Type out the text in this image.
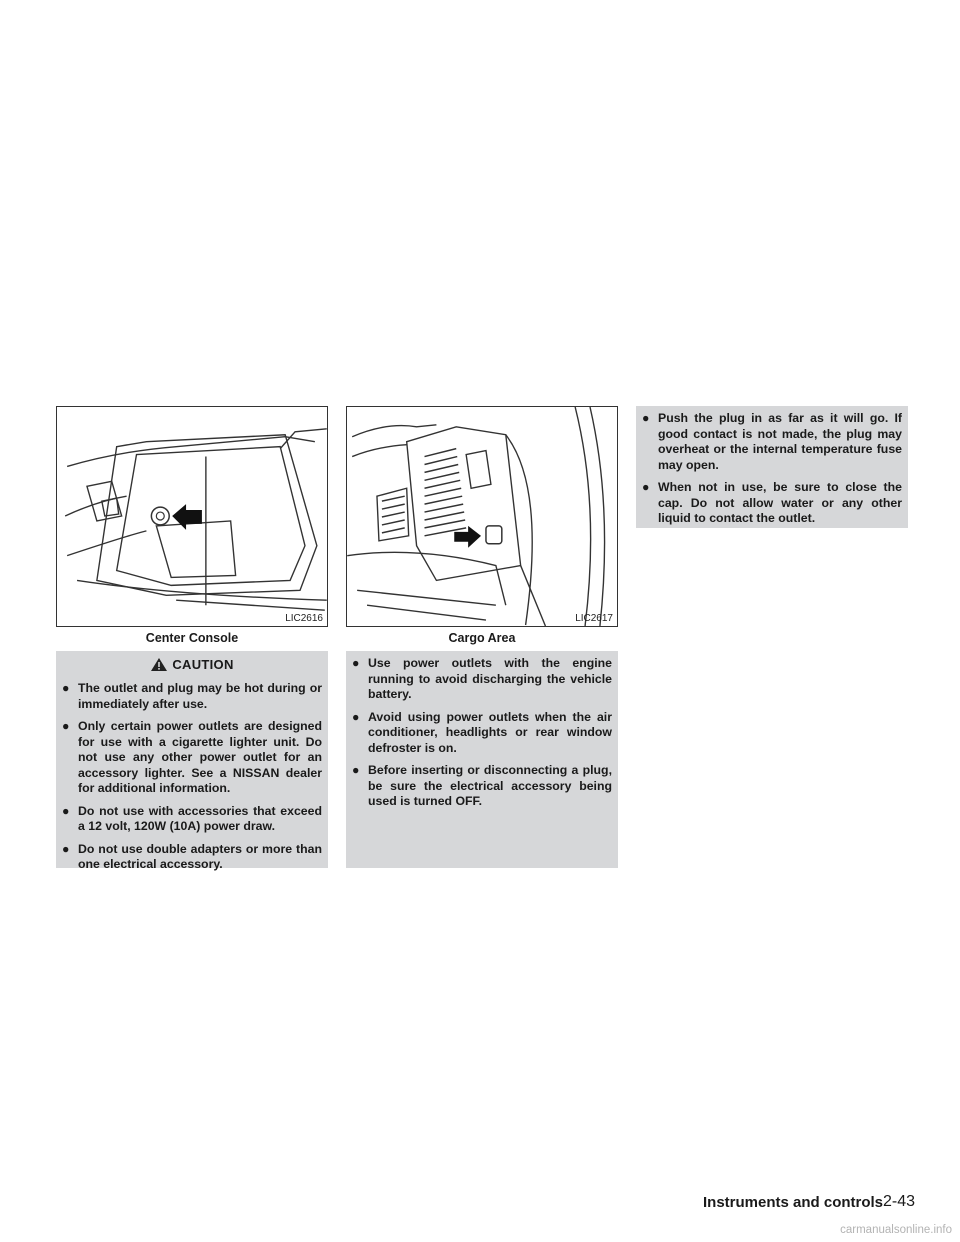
LIC2616
Center Console
LIC2617
Cargo Area
CAUTION
● The outlet and plug may be hot during or immediately after use.
● Only certain power outlets are designed for use with a cigarette lighter unit. Do not use any other power outlet for an accessory lighter. See a NISSAN dealer for additional information.
● Do not use with accessories that exceed a 12 volt, 120W (10A) power draw.
● Do not use double adapters or more than one electrical accessory.
● Use power outlets with the engine running to avoid discharging the vehicle battery.
● Avoid using power outlets when the air conditioner, headlights or rear window defroster is on.
● Before inserting or disconnecting a plug, be sure the electrical accessory being used is turned OFF.
● Push the plug in as far as it will go. If good contact is not made, the plug may overheat or the internal temperature fuse may open.
● When not in use, be sure to close the cap. Do not allow water or any other liquid to contact the outlet.
Instruments and controls 2-43
carmanualsonline.info
